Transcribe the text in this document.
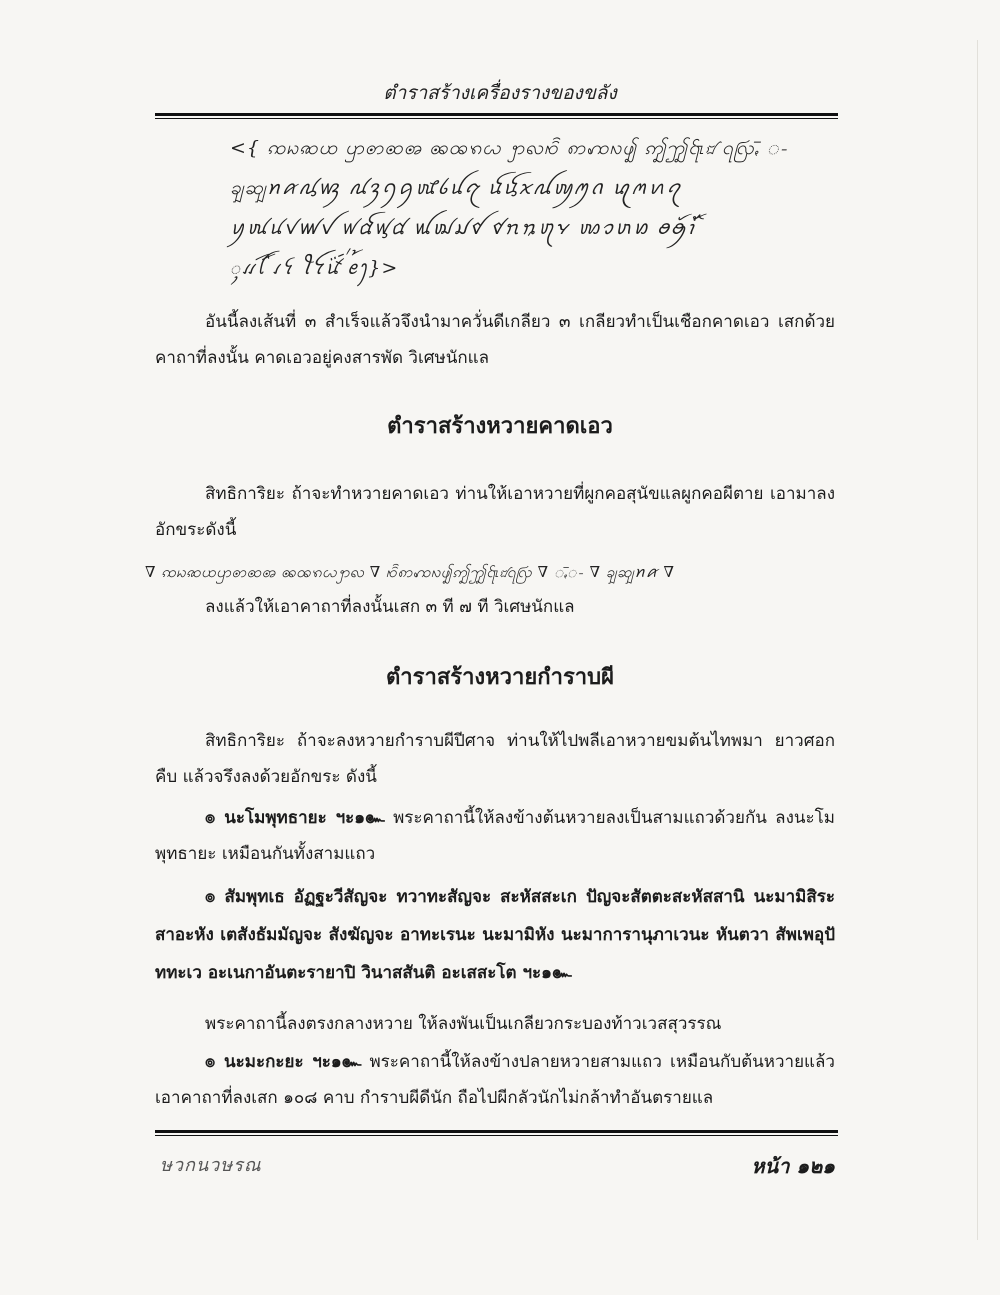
ตำราสร้างเครื่องรางของขลัง
<{ ꩡꩢꩣꩤ ꩥꩦꩧꩨ ꩩꩪꩫꩬ ꩭꩮꩯꩰ ꩱꩲꩳꩴ ꩵꩶ꩷꩸ ꩹ꩺꩻꩼ ꩽ
ꩾꩿꪀꪁꪂꪃ ꪄꪅꪆꪇꪈꪉꪊꪋ ꪌꪍꪎꪏꪐꪑꪒ ꪓꪔꪕꪖ
ꪗꪘꪙꪚꪛꪜ ꪝꪞꪟꪠ ꪡꪢꪣꪤ ꪥꪦꪧꪨꪩ ꪪꪫꪬꪭ ꪮꪯꪰꪱ ꪲꪳ
ꪴꪵꪶꪷ ꪸꪹꪺ ꪻꪼꪽꪾ ꪿ꫀ꫁ꫂ}>
อันนี้ลงเส้นที่ ๓ สำเร็จแล้วจึงนำมาควั่นดีเกลียว ๓ เกลียวทำเป็นเชือกคาดเอว เสกด้วยคาถาที่ลงนั้น คาดเอวอยู่คงสารพัด วิเศษนักแล
ตำราสร้างหวายคาดเอว
สิทธิการิยะ ถ้าจะทำหวายคาดเอว ท่านให้เอาหวายที่ผูกคอสุนัขแลผูกคอผีตาย เอามาลงอักขระดังนี้
∇ ꩡꩢꩣꩤꩥꩦꩧꩨ ꩩꩪꩫꩬꩭꩮ ∇ ꩯꩰꩱꩲꩳꩴꩵꩶ꩷꩸꩹ꩺ ∇ ꩻꩼꩽ ∇ ꩾꩿꪀꪁ ∇
ลงแล้วให้เอาคาถาที่ลงนั้นเสก ๓ ที ๗ ที วิเศษนักแล
ตำราสร้างหวายกำราบผี
สิทธิการิยะ ถ้าจะลงหวายกำราบผีปีศาจ ท่านให้ไปพลีเอาหวายขมต้นไทพมา ยาวศอกคืบ แล้วจรึงลงด้วยอักขระ ดังนี้
๏ นะโมพุทธายะ ฯะ๑๛ พระคาถานี้ให้ลงข้างต้นหวายลงเป็นสามแถวด้วยกัน ลงนะโมพุทธายะ เหมือนกันทั้งสามแถว
๏ สัมพุทเธ อัฏฐะวีสัญจะ ทวาทะสัญจะ สะหัสสะเก ปัญจะสัตตะสะหัสสานิ นะมามิสิระสาอะหัง เตสังธัมมัญจะ สังฆัญจะ อาทะเรนะ นะมามิหัง นะมาการานุภาเวนะ หันตวา สัพเพอุปัททะเว อะเนกาอันตะรายาปิ วินาสสันติ อะเสสะโต ฯะ๑๛
พระคาถานี้ลงตรงกลางหวาย ให้ลงพันเป็นเกลียวกระบองท้าวเวสสุวรรณ
๏ นะมะกะยะ ฯะ๑๛ พระคาถานี้ให้ลงข้างปลายหวายสามแถว เหมือนกับต้นหวายแล้วเอาคาถาที่ลงเสก ๑๐๘ คาบ กำราบผีดีนัก ถือไปผีกลัวนักไม่กล้าทำอันตรายแล
ษวกนวษรณ	หน้า ๑๒๑
